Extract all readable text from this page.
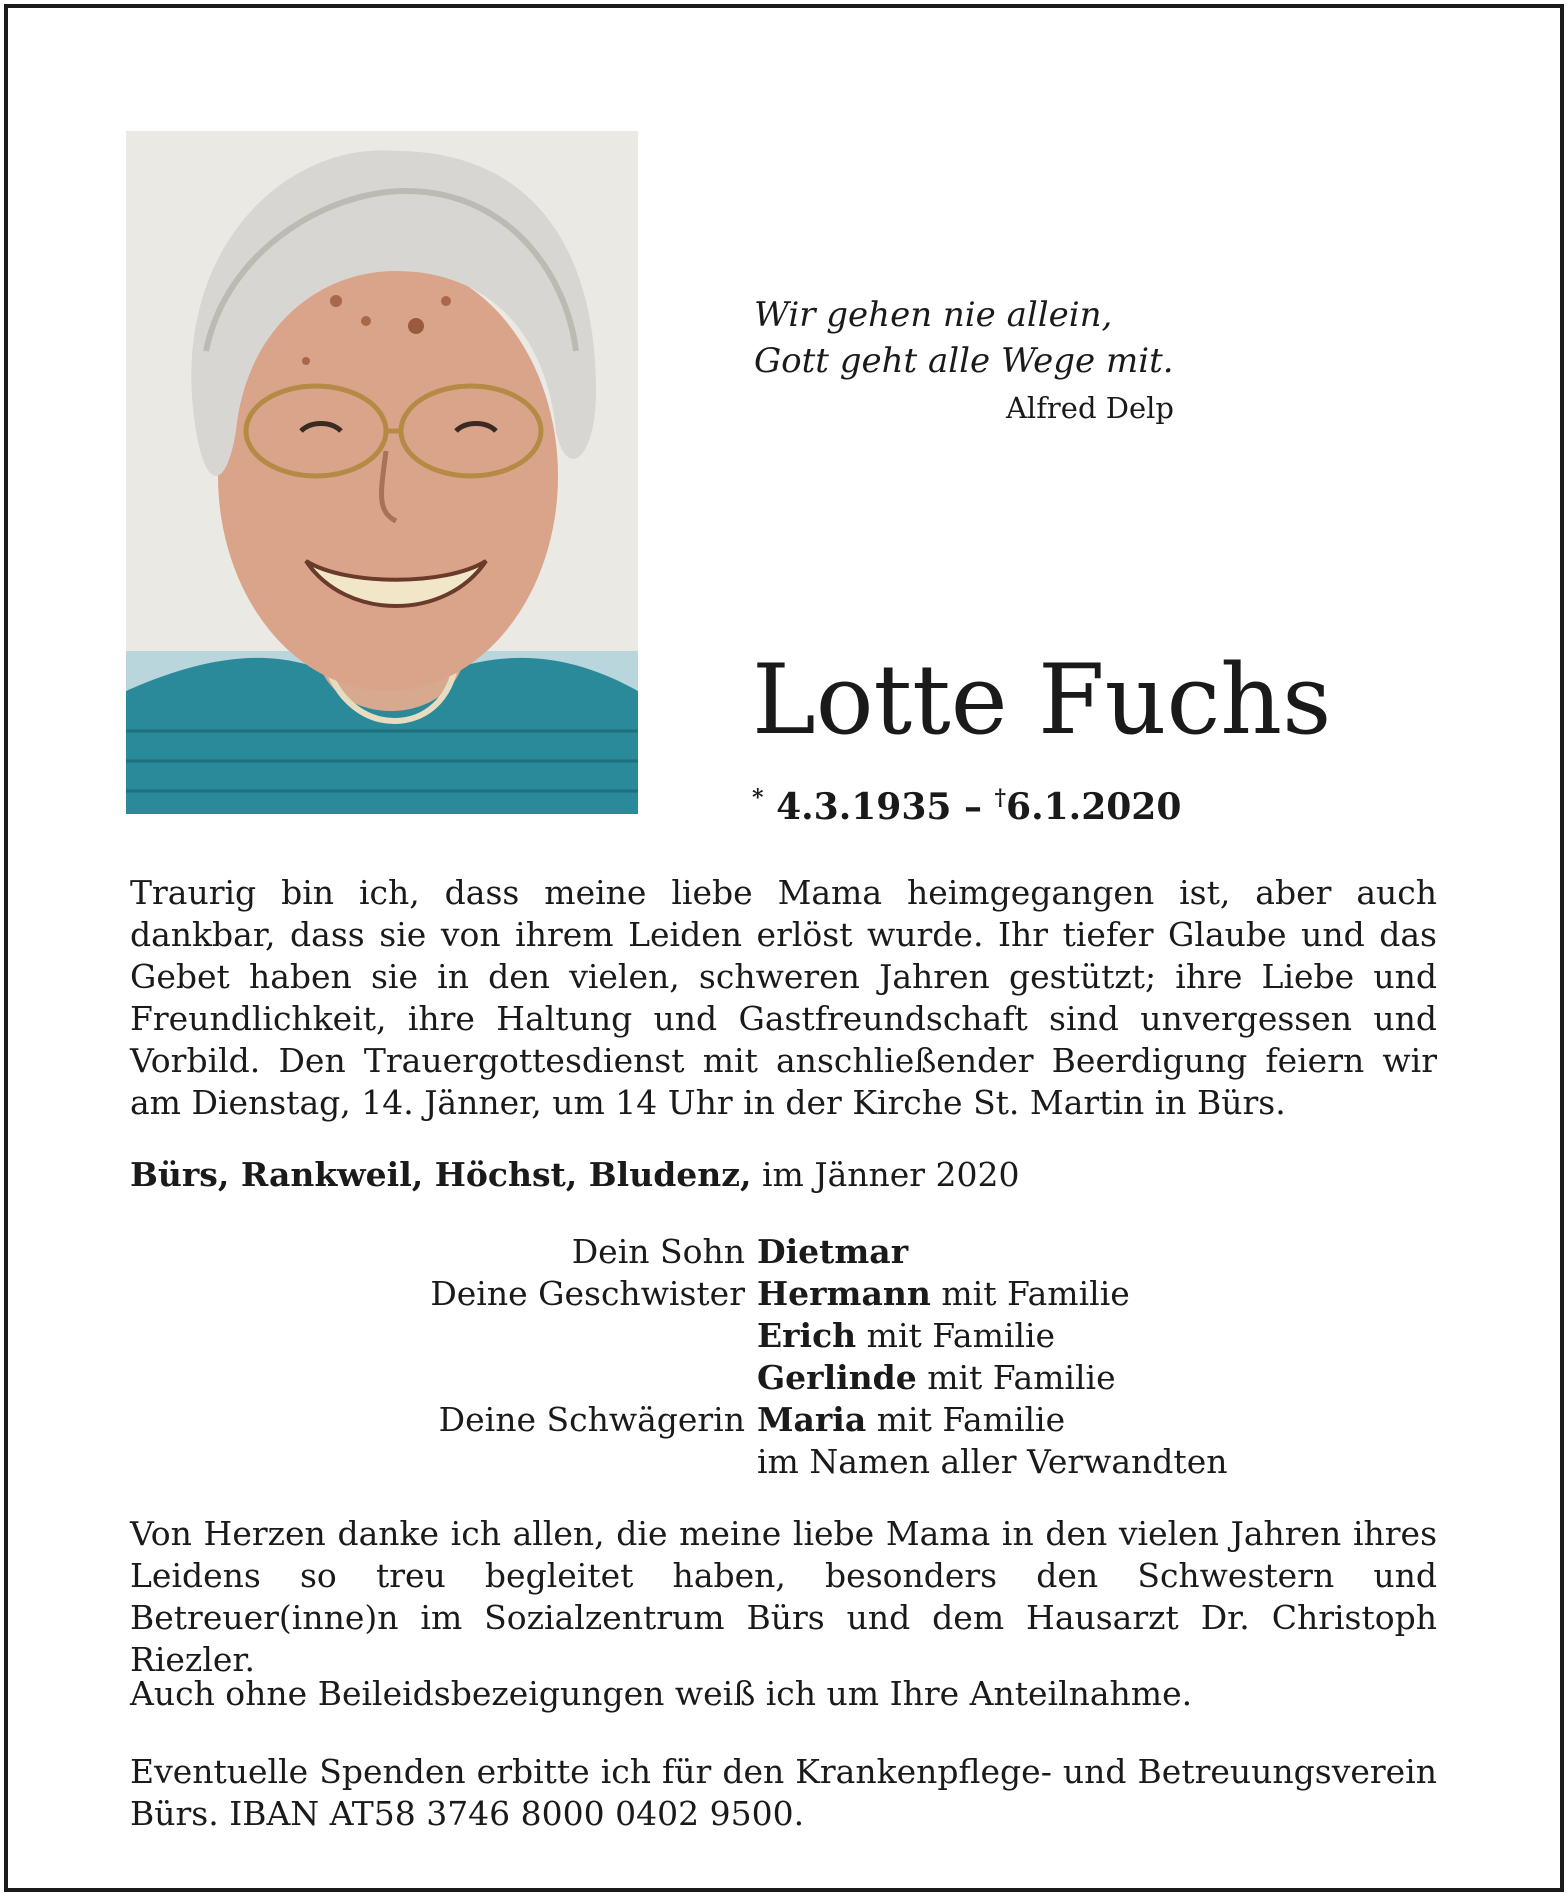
Wir gehen nie allein,
Gott geht alle Wege mit.
Alfred Delp
Lotte Fuchs
* 4.3.1935 – †6.1.2020
Traurig bin ich, dass meine liebe Mama heimgegangen ist, aber auch dankbar, dass sie von ihrem Leiden erlöst wurde. Ihr tiefer Glaube und das Gebet haben sie in den vielen, schweren Jahren gestützt; ihre Liebe und Freundlichkeit, ihre Haltung und Gastfreundschaft sind unvergessen und Vorbild. Den Trauergottesdienst mit anschließender Beerdigung feiern wir am Dienstag, 14. Jänner, um 14 Uhr in der Kirche St. Martin in Bürs.
Bürs, Rankweil, Höchst, Bludenz, im Jänner 2020
Dein Sohn Dietmar
Deine Geschwister Hermann mit Familie
Erich mit Familie
Gerlinde mit Familie
Deine Schwägerin Maria mit Familie
im Namen aller Verwandten
Von Herzen danke ich allen, die meine liebe Mama in den vielen Jahren ihres Leidens so treu begleitet haben, besonders den Schwestern und Betreuer(inne)n im Sozialzentrum Bürs und dem Hausarzt Dr. Christoph Riezler.
Auch ohne Beileidsbezeigungen weiß ich um Ihre Anteilnahme.
Eventuelle Spenden erbitte ich für den Krankenpflege- und Betreuungsverein Bürs. IBAN AT58 3746 8000 0402 9500.
